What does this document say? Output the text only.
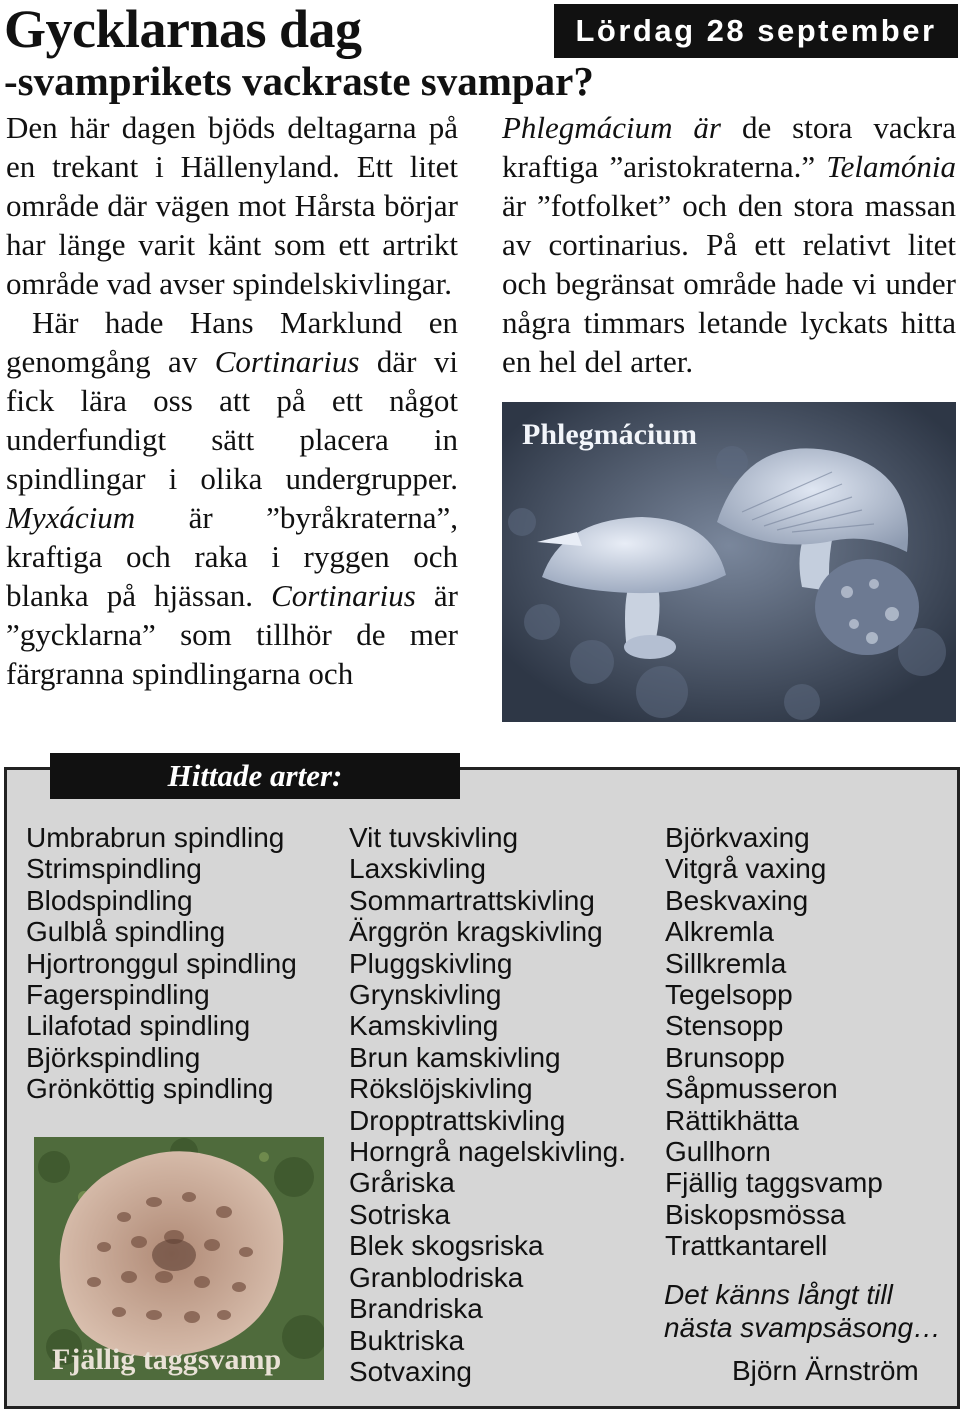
Gycklarnas dag	Lördag 28 september
-svamprikets vackraste svampar?

Den här dagen bjöds deltagarna på en trekant i Hällenyland. Ett litet område där vägen mot Hårsta börjar har länge varit känt som ett artrikt område vad avser spindelskivlingar.

Här hade Hans Marklund en genomgång av Cortinarius där vi fick lära oss att på ett något underfundigt sätt placera in spindlingar i olika undergrupper. Myxácium är ”byråkraterna”, kraftiga och raka i ryggen och blanka på hjässan. Cortinarius är ”gycklarna” som tillhör de mer färgranna spindlingarna och

Phlegmácium är de stora vackra kraftiga ”aristokraterna.” Telamónia är ”fotfolket” och den stora massan av cortinarius. På ett relativt litet och begränsat område hade vi under några timmars letande lyckats hitta en hel del arter.

Phlegmácium
Hittade arter:
Umbrabrun spindling
Strimspindling
Blodspindling
Gulblå spindling
Hjortronggul spindling
Fagerspindling
Lilafotad spindling
Björkspindling
Grönköttig spindling
Vit tuvskivling
Laxskivling
Sommartrattskivling
Ärggrön kragskivling
Pluggskivling
Grynskivling
Kamskivling
Brun kamskivling
Rökslöjskivling
Dropptrattskivling
Horngrå nagelskivling.
Gråriska
Sotriska
Blek skogsriska
Granblodriska
Brandriska
Buktriska
Sotvaxing
Björkvaxing
Vitgrå vaxing
Beskvaxing
Alkremla
Sillkremla
Tegelsopp
Stensopp
Brunsopp
Såpmusseron
Rättikhätta
Gullhorn
Fjällig taggsvamp
Biskopsmössa
Trattkantarell
Fjällig taggsvamp
Det känns långt till
nästa svampsäsong…
Björn Ärnström
